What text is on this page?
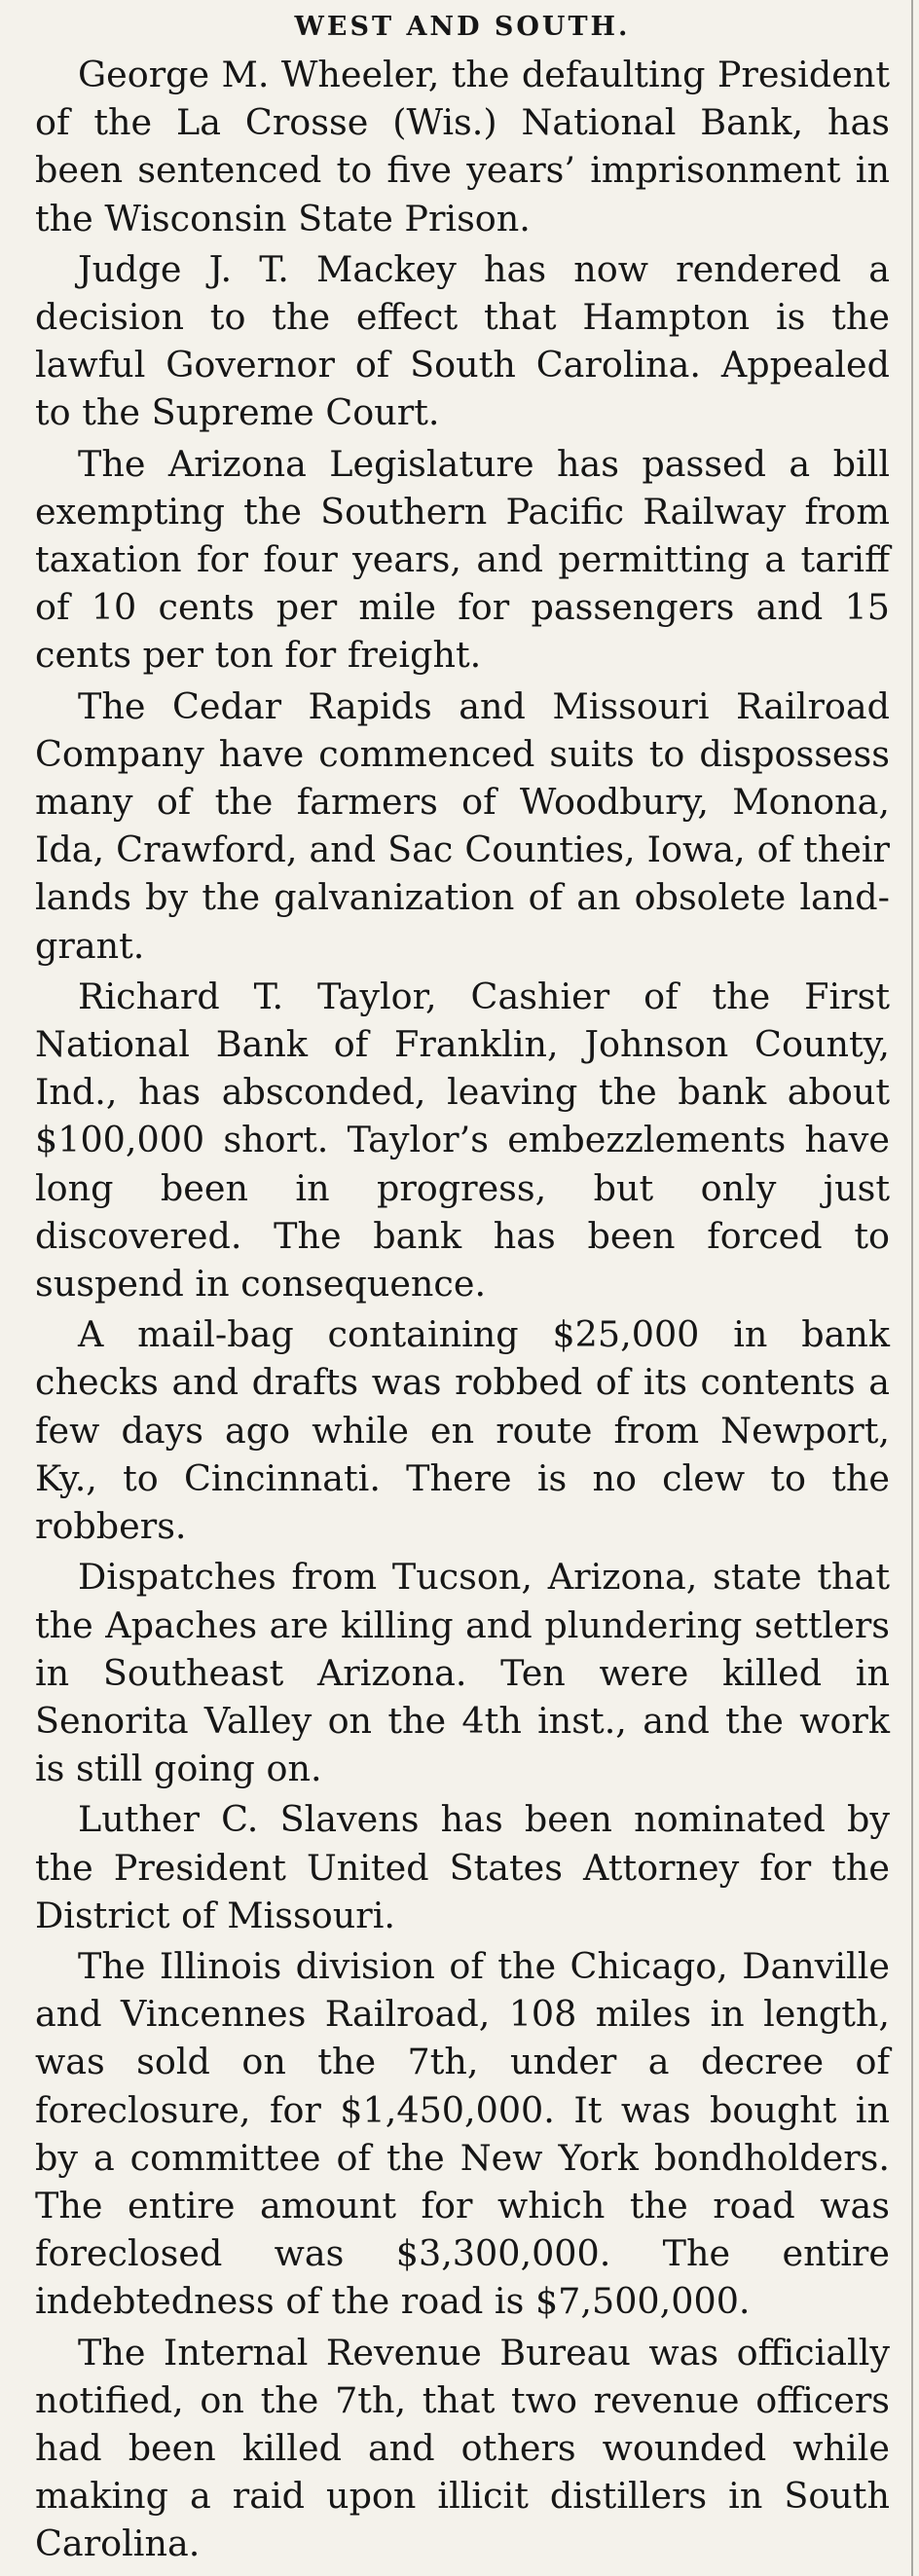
WEST AND SOUTH.

George M. Wheeler, the defaulting President of the La Crosse (Wis.) National Bank, has been sentenced to five years’ imprisonment in the Wisconsin State Prison.

Judge J. T. Mackey has now rendered a decision to the effect that Hampton is the lawful Governor of South Carolina. Appealed to the Supreme Court.

The Arizona Legislature has passed a bill exempting the Southern Pacific Railway from taxation for four years, and permitting a tariff of 10 cents per mile for passengers and 15 cents per ton for freight.

The Cedar Rapids and Missouri Railroad Company have commenced suits to dispossess many of the farmers of Woodbury, Monona, Ida, Crawford, and Sac Counties, Iowa, of their lands by the galvanization of an obsolete land-grant.

Richard T. Taylor, Cashier of the First National Bank of Franklin, Johnson County, Ind., has absconded, leaving the bank about $100,000 short. Taylor’s embezzlements have long been in progress, but only just discovered. The bank has been forced to suspend in consequence.

A mail-bag containing $25,000 in bank checks and drafts was robbed of its contents a few days ago while en route from Newport, Ky., to Cincinnati. There is no clew to the robbers.

Dispatches from Tucson, Arizona, state that the Apaches are killing and plundering settlers in Southeast Arizona. Ten were killed in Senorita Valley on the 4th inst., and the work is still going on.

Luther C. Slavens has been nominated by the President United States Attorney for the District of Missouri.

The Illinois division of the Chicago, Danville and Vincennes Railroad, 108 miles in length, was sold on the 7th, under a decree of foreclosure, for $1,450,000. It was bought in by a committee of the New York bondholders. The entire amount for which the road was foreclosed was $3,300,000. The entire indebtedness of the road is $7,500,000.

The Internal Revenue Bureau was officially notified, on the 7th, that two revenue officers had been killed and others wounded while making a raid upon illicit distillers in South Carolina.
